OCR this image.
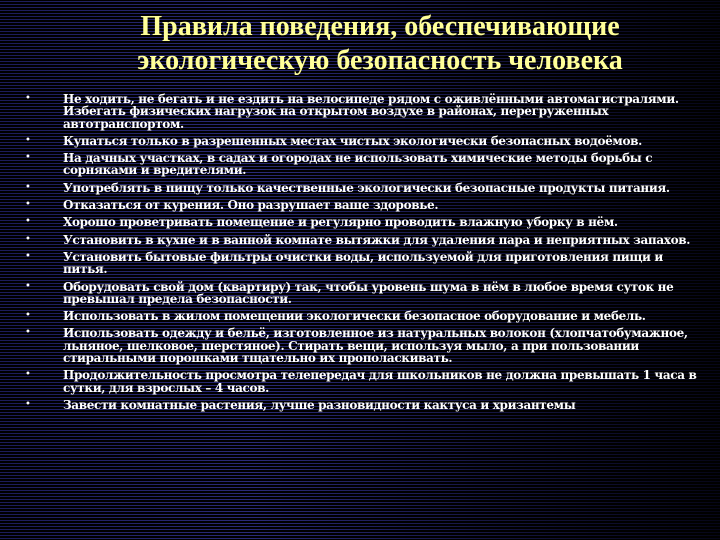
Правила поведения, обеспечивающие
экологическую безопасность человека
•	Не ходить, не бегать и не ездить на велосипеде рядом с оживлёнными автомагистралями. Избегать физических нагрузок на открытом воздухе в районах, перегруженных автотранспортом.
•	Купаться только в разрешенных местах чистых экологически безопасных водоёмов.
•	На дачных участках, в садах и огородах не использовать химические методы борьбы с сорняками и вредителями.
•	Употреблять в пищу только качественные экологически безопасные продукты питания.
•	Отказаться от курения. Оно разрушает ваше здоровье.
•	Хорошо проветривать помещение и регулярно проводить влажную уборку в нём.
•	Установить в кухне и в ванной комнате вытяжки для удаления пара и неприятных запахов.
•	Установить бытовые фильтры очистки воды, используемой для приготовления пищи и питья.
•	Оборудовать свой дом (квартиру) так, чтобы уровень шума в нём в любое время суток не превышал предела безопасности.
•	Использовать в жилом помещении экологически безопасное оборудование и мебель.
•	Использовать одежду и бельё, изготовленное из натуральных волокон (хлопчатобумажное, льняное, шелковое, шерстяное). Стирать вещи, используя мыло, а при пользовании стиральными порошками тщательно их прополаскивать.
•	Продолжительность просмотра телепередач для школьников не должна превышать 1 часа в сутки, для взрослых – 4 часов.
•	Завести комнатные растения, лучше разновидности кактуса и хризантемы
